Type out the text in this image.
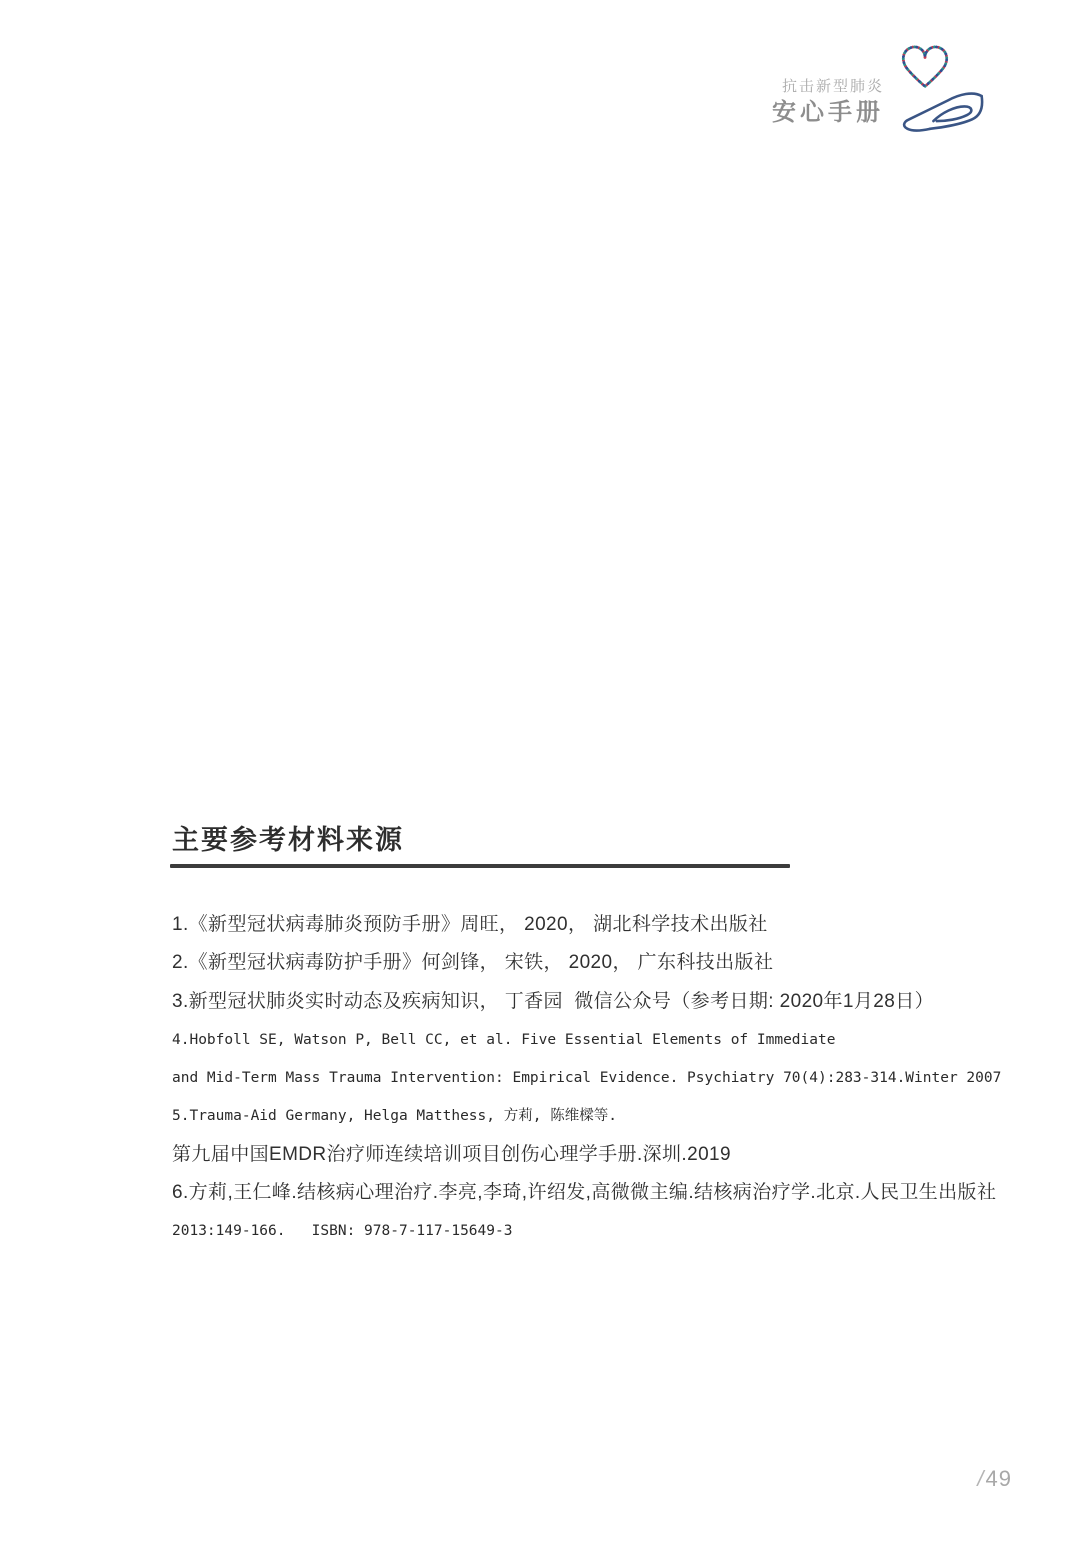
抗击新型肺炎
安心手册
主要参考材料来源
1.《新型冠状病毒肺炎预防手册》周旺， 2020， 湖北科学技术出版社
2.《新型冠状病毒防护手册》何剑锋， 宋铁， 2020， 广东科技出版社
3.新型冠状肺炎实时动态及疾病知识， 丁香园  微信公众号（参考日期: 2020年1月28日）
4.Hobfoll SE, Watson P, Bell CC, et al. Five Essential Elements of Immediate
and Mid-Term Mass Trauma Intervention: Empirical Evidence. Psychiatry 70(4):283-314.Winter 2007
5.Trauma-Aid Germany, Helga Matthess, 方莉, 陈维樑等.
第九届中国EMDR治疗师连续培训项目创伤心理学手册.深圳.2019
6.方莉,王仁峰.结核病心理治疗.李亮,李琦,许绍发,高微微主编.结核病治疗学.北京.人民卫生出版社
2013:149-166.   ISBN: 978-7-117-15649-3
/49
